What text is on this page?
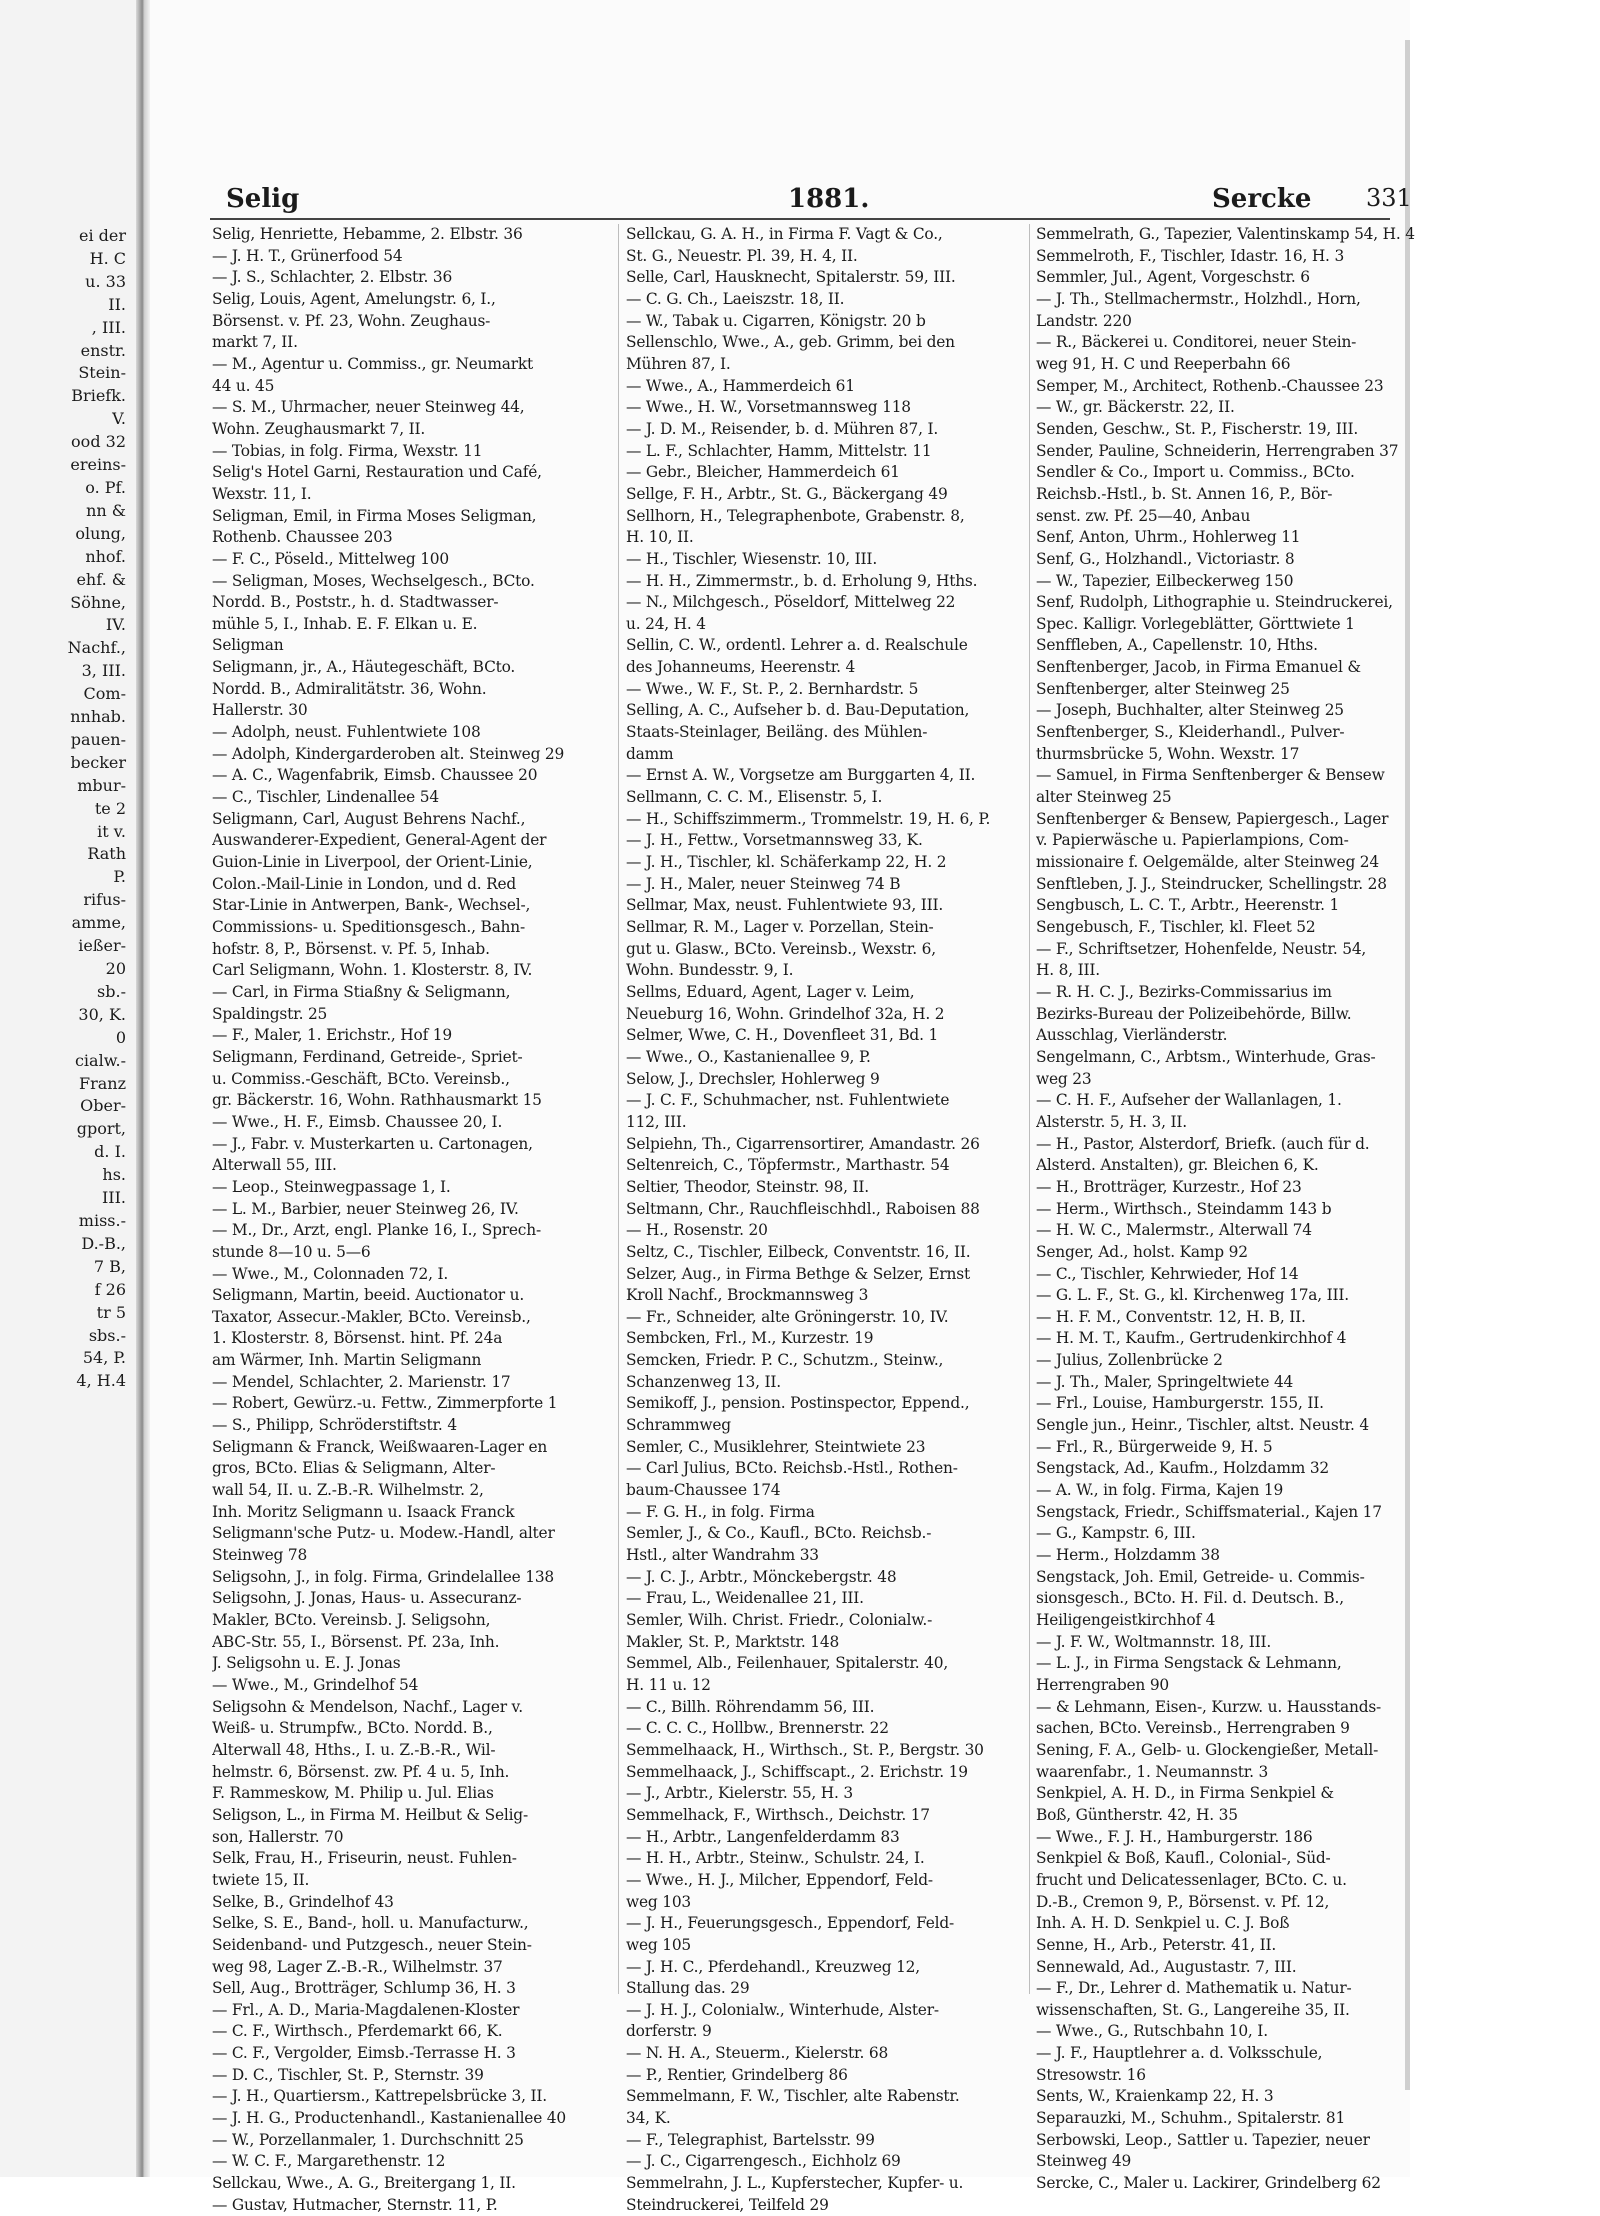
ei der
H. C
u. 33
II.
, III.
enstr.
Stein-
Briefk.
V.
ood 32
ereins-
o. Pf.
nn &
olung,
nhof.
ehf. &
Söhne,
IV.
Nachf.,
3, III.
Com-
nnhab.
pauen-
becker
mbur-
te 2
it v.
Rath
P.
rifus-
amme,
ießer-
20
sb.-
30, K.
0
cialw.-
Franz
Ober-
gport,
d. I.
hs.
III.
miss.-
D.-B.,
7 B,
f 26
tr 5
sbs.-
54, P.
4, H.4
Selig	1881.	Sercke 331
Selig, Henriette, Hebamme, 2. Elbstr. 36
— J. H. T., Grünerfood 54
— J. S., Schlachter, 2. Elbstr. 36
Selig, Louis, Agent, Amelungstr. 6, I.,
Börsenst. v. Pf. 23, Wohn. Zeughaus-
markt 7, II.
— M., Agentur u. Commiss., gr. Neumarkt
44 u. 45
— S. M., Uhrmacher, neuer Steinweg 44,
Wohn. Zeughausmarkt 7, II.
— Tobias, in folg. Firma, Wexstr. 11
Selig's Hotel Garni, Restauration und Café,
Wexstr. 11, I.
Seligman, Emil, in Firma Moses Seligman,
Rothenb. Chaussee 203
— F. C., Pöseld., Mittelweg 100
— Seligman, Moses, Wechselgesch., BCto.
Nordd. B., Poststr., h. d. Stadtwasser-
mühle 5, I., Inhab. E. F. Elkan u. E.
Seligman
Seligmann, jr., A., Häutegeschäft, BCto.
Nordd. B., Admiralitätstr. 36, Wohn.
Hallerstr. 30
— Adolph, neust. Fuhlentwiete 108
— Adolph, Kindergarderoben alt. Steinweg 29
— A. C., Wagenfabrik, Eimsb. Chaussee 20
— C., Tischler, Lindenallee 54
Seligmann, Carl, August Behrens Nachf.,
Auswanderer-Expedient, General-Agent der
Guion-Linie in Liverpool, der Orient-Linie,
Colon.-Mail-Linie in London, und d. Red
Star-Linie in Antwerpen, Bank-, Wechsel-,
Commissions- u. Speditionsgesch., Bahn-
hofstr. 8, P., Börsenst. v. Pf. 5, Inhab.
Carl Seligmann, Wohn. 1. Klosterstr. 8, IV.
— Carl, in Firma Stiaßny & Seligmann,
Spaldingstr. 25
— F., Maler, 1. Erichstr., Hof 19
Seligmann, Ferdinand, Getreide-, Spriet-
u. Commiss.-Geschäft, BCto. Vereinsb.,
gr. Bäckerstr. 16, Wohn. Rathhausmarkt 15
— Wwe., H. F., Eimsb. Chaussee 20, I.
— J., Fabr. v. Musterkarten u. Cartonagen,
Alterwall 55, III.
— Leop., Steinwegpassage 1, I.
— L. M., Barbier, neuer Steinweg 26, IV.
— M., Dr., Arzt, engl. Planke 16, I., Sprech-
stunde 8—10 u. 5—6
— Wwe., M., Colonnaden 72, I.
Seligmann, Martin, beeid. Auctionator u.
Taxator, Assecur.-Makler, BCto. Vereinsb.,
1. Klosterstr. 8, Börsenst. hint. Pf. 24a
am Wärmer, Inh. Martin Seligmann
— Mendel, Schlachter, 2. Marienstr. 17
— Robert, Gewürz.-u. Fettw., Zimmerpforte 1
— S., Philipp, Schröderstiftstr. 4
Seligmann & Franck, Weißwaaren-Lager en
gros, BCto. Elias & Seligmann, Alter-
wall 54, II. u. Z.-B.-R. Wilhelmstr. 2,
Inh. Moritz Seligmann u. Isaack Franck
Seligmann'sche Putz- u. Modew.-Handl, alter
Steinweg 78
Seligsohn, J., in folg. Firma, Grindelallee 138
Seligsohn, J. Jonas, Haus- u. Assecuranz-
Makler, BCto. Vereinsb. J. Seligsohn,
ABC-Str. 55, I., Börsenst. Pf. 23a, Inh.
J. Seligsohn u. E. J. Jonas
— Wwe., M., Grindelhof 54
Seligsohn & Mendelson, Nachf., Lager v.
Weiß- u. Strumpfw., BCto. Nordd. B.,
Alterwall 48, Hths., I. u. Z.-B.-R., Wil-
helmstr. 6, Börsenst. zw. Pf. 4 u. 5, Inh.
F. Rammeskow, M. Philip u. Jul. Elias
Seligson, L., in Firma M. Heilbut & Selig-
son, Hallerstr. 70
Selk, Frau, H., Friseurin, neust. Fuhlen-
twiete 15, II.
Selke, B., Grindelhof 43
Selke, S. E., Band-, holl. u. Manufacturw.,
Seidenband- und Putzgesch., neuer Stein-
weg 98, Lager Z.-B.-R., Wilhelmstr. 37
Sell, Aug., Brotträger, Schlump 36, H. 3
— Frl., A. D., Maria-Magdalenen-Kloster
— C. F., Wirthsch., Pferdemarkt 66, K.
— C. F., Vergolder, Eimsb.-Terrasse H. 3
— D. C., Tischler, St. P., Sternstr. 39
— J. H., Quartiersm., Kattrepelsbrücke 3, II.
— J. H. G., Productenhandl., Kastanienallee 40
— W., Porzellanmaler, 1. Durchschnitt 25
— W. C. F., Margarethenstr. 12
Sellckau, Wwe., A. G., Breitergang 1, II.
— Gustav, Hutmacher, Sternstr. 11, P.
Sellckau, G. A. H., in Firma F. Vagt & Co.,
St. G., Neuestr. Pl. 39, H. 4, II.
Selle, Carl, Hausknecht, Spitalerstr. 59, III.
— C. G. Ch., Laeiszstr. 18, II.
— W., Tabak u. Cigarren, Königstr. 20 b
Sellenschlo, Wwe., A., geb. Grimm, bei den
Mühren 87, I.
— Wwe., A., Hammerdeich 61
— Wwe., H. W., Vorsetmannsweg 118
— J. D. M., Reisender, b. d. Mühren 87, I.
— L. F., Schlachter, Hamm, Mittelstr. 11
— Gebr., Bleicher, Hammerdeich 61
Sellge, F. H., Arbtr., St. G., Bäckergang 49
Sellhorn, H., Telegraphenbote, Grabenstr. 8,
H. 10, II.
— H., Tischler, Wiesenstr. 10, III.
— H. H., Zimmermstr., b. d. Erholung 9, Hths.
— N., Milchgesch., Pöseldorf, Mittelweg 22
u. 24, H. 4
Sellin, C. W., ordentl. Lehrer a. d. Realschule
des Johanneums, Heerenstr. 4
— Wwe., W. F., St. P., 2. Bernhardstr. 5
Selling, A. C., Aufseher b. d. Bau-Deputation,
Staats-Steinlager, Beiläng. des Mühlen-
damm
— Ernst A. W., Vorgsetze am Burggarten 4, II.
Sellmann, C. C. M., Elisenstr. 5, I.
— H., Schiffszimmerm., Trommelstr. 19, H. 6, P.
— J. H., Fettw., Vorsetmannsweg 33, K.
— J. H., Tischler, kl. Schäferkamp 22, H. 2
— J. H., Maler, neuer Steinweg 74 B
Sellmar, Max, neust. Fuhlentwiete 93, III.
Sellmar, R. M., Lager v. Porzellan, Stein-
gut u. Glasw., BCto. Vereinsb., Wexstr. 6,
Wohn. Bundesstr. 9, I.
Sellms, Eduard, Agent, Lager v. Leim,
Neueburg 16, Wohn. Grindelhof 32a, H. 2
Selmer, Wwe, C. H., Dovenfleet 31, Bd. 1
— Wwe., O., Kastanienallee 9, P.
Selow, J., Drechsler, Hohlerweg 9
— J. C. F., Schuhmacher, nst. Fuhlentwiete
112, III.
Selpiehn, Th., Cigarrensortirer, Amandastr. 26
Seltenreich, C., Töpfermstr., Marthastr. 54
Seltier, Theodor, Steinstr. 98, II.
Seltmann, Chr., Rauchfleischhdl., Raboisen 88
— H., Rosenstr. 20
Seltz, C., Tischler, Eilbeck, Conventstr. 16, II.
Selzer, Aug., in Firma Bethge & Selzer, Ernst
Kroll Nachf., Brockmannsweg 3
— Fr., Schneider, alte Gröningerstr. 10, IV.
Sembcken, Frl., M., Kurzestr. 19
Semcken, Friedr. P. C., Schutzm., Steinw.,
Schanzenweg 13, II.
Semikoff, J., pension. Postinspector, Eppend.,
Schrammweg
Semler, C., Musiklehrer, Steintwiete 23
— Carl Julius, BCto. Reichsb.-Hstl., Rothen-
baum-Chaussee 174
— F. G. H., in folg. Firma
Semler, J., & Co., Kaufl., BCto. Reichsb.-
Hstl., alter Wandrahm 33
— J. C. J., Arbtr., Mönckebergstr. 48
— Frau, L., Weidenallee 21, III.
Semler, Wilh. Christ. Friedr., Colonialw.-
Makler, St. P., Marktstr. 148
Semmel, Alb., Feilenhauer, Spitalerstr. 40,
H. 11 u. 12
— C., Billh. Röhrendamm 56, III.
— C. C. C., Hollbw., Brennerstr. 22
Semmelhaack, H., Wirthsch., St. P., Bergstr. 30
Semmelhaack, J., Schiffscapt., 2. Erichstr. 19
— J., Arbtr., Kielerstr. 55, H. 3
Semmelhack, F., Wirthsch., Deichstr. 17
— H., Arbtr., Langenfelderdamm 83
— H. H., Arbtr., Steinw., Schulstr. 24, I.
— Wwe., H. J., Milcher, Eppendorf, Feld-
weg 103
— J. H., Feuerungsgesch., Eppendorf, Feld-
weg 105
— J. H. C., Pferdehandl., Kreuzweg 12,
Stallung das. 29
— J. H. J., Colonialw., Winterhude, Alster-
dorferstr. 9
— N. H. A., Steuerm., Kielerstr. 68
— P., Rentier, Grindelberg 86
Semmelmann, F. W., Tischler, alte Rabenstr.
34, K.
— F., Telegraphist, Bartelsstr. 99
— J. C., Cigarrengesch., Eichholz 69
Semmelrahn, J. L., Kupferstecher, Kupfer- u.
Steindruckerei, Teilfeld 29
Semmelrath, G., Tapezier, Valentinskamp 54, H. 4
Semmelroth, F., Tischler, Idastr. 16, H. 3
Semmler, Jul., Agent, Vorgeschstr. 6
— J. Th., Stellmachermstr., Holzhdl., Horn,
Landstr. 220
— R., Bäckerei u. Conditorei, neuer Stein-
weg 91, H. C und Reeperbahn 66
Semper, M., Architect, Rothenb.-Chaussee 23
— W., gr. Bäckerstr. 22, II.
Senden, Geschw., St. P., Fischerstr. 19, III.
Sender, Pauline, Schneiderin, Herrengraben 37
Sendler & Co., Import u. Commiss., BCto.
Reichsb.-Hstl., b. St. Annen 16, P., Bör-
senst. zw. Pf. 25—40, Anbau
Senf, Anton, Uhrm., Hohlerweg 11
Senf, G., Holzhandl., Victoriastr. 8
— W., Tapezier, Eilbeckerweg 150
Senf, Rudolph, Lithographie u. Steindruckerei,
Spec. Kalligr. Vorlegeblätter, Görttwiete 1
Senffleben, A., Capellenstr. 10, Hths.
Senftenberger, Jacob, in Firma Emanuel &
Senftenberger, alter Steinweg 25
— Joseph, Buchhalter, alter Steinweg 25
Senftenberger, S., Kleiderhandl., Pulver-
thurmsbrücke 5, Wohn. Wexstr. 17
— Samuel, in Firma Senftenberger & Bensew
alter Steinweg 25
Senftenberger & Bensew, Papiergesch., Lager
v. Papierwäsche u. Papierlampions, Com-
missionaire f. Oelgemälde, alter Steinweg 24
Senftleben, J. J., Steindrucker, Schellingstr. 28
Sengbusch, L. C. T., Arbtr., Heerenstr. 1
Sengebusch, F., Tischler, kl. Fleet 52
— F., Schriftsetzer, Hohenfelde, Neustr. 54,
H. 8, III.
— R. H. C. J., Bezirks-Commissarius im
Bezirks-Bureau der Polizeibehörde, Billw.
Ausschlag, Vierländerstr.
Sengelmann, C., Arbtsm., Winterhude, Gras-
weg 23
— C. H. F., Aufseher der Wallanlagen, 1.
Alsterstr. 5, H. 3, II.
— H., Pastor, Alsterdorf, Briefk. (auch für d.
Alsterd. Anstalten), gr. Bleichen 6, K.
— H., Brotträger, Kurzestr., Hof 23
— Herm., Wirthsch., Steindamm 143 b
— H. W. C., Malermstr., Alterwall 74
Senger, Ad., holst. Kamp 92
— C., Tischler, Kehrwieder, Hof 14
— G. L. F., St. G., kl. Kirchenweg 17a, III.
— H. F. M., Conventstr. 12, H. B, II.
— H. M. T., Kaufm., Gertrudenkirchhof 4
— Julius, Zollenbrücke 2
— J. Th., Maler, Springeltwiete 44
— Frl., Louise, Hamburgerstr. 155, II.
Sengle jun., Heinr., Tischler, altst. Neustr. 4
— Frl., R., Bürgerweide 9, H. 5
Sengstack, Ad., Kaufm., Holzdamm 32
— A. W., in folg. Firma, Kajen 19
Sengstack, Friedr., Schiffsmaterial., Kajen 17
— G., Kampstr. 6, III.
— Herm., Holzdamm 38
Sengstack, Joh. Emil, Getreide- u. Commis-
sionsgesch., BCto. H. Fil. d. Deutsch. B.,
Heiligengeistkirchhof 4
— J. F. W., Woltmannstr. 18, III.
— L. J., in Firma Sengstack & Lehmann,
Herrengraben 90
— & Lehmann, Eisen-, Kurzw. u. Hausstands-
sachen, BCto. Vereinsb., Herrengraben 9
Sening, F. A., Gelb- u. Glockengießer, Metall-
waarenfabr., 1. Neumannstr. 3
Senkpiel, A. H. D., in Firma Senkpiel &
Boß, Güntherstr. 42, H. 35
— Wwe., F. J. H., Hamburgerstr. 186
Senkpiel & Boß, Kaufl., Colonial-, Süd-
frucht und Delicatessenlager, BCto. C. u.
D.-B., Cremon 9, P., Börsenst. v. Pf. 12,
Inh. A. H. D. Senkpiel u. C. J. Boß
Senne, H., Arb., Peterstr. 41, II.
Sennewald, Ad., Augustastr. 7, III.
— F., Dr., Lehrer d. Mathematik u. Natur-
wissenschaften, St. G., Langereihe 35, II.
— Wwe., G., Rutschbahn 10, I.
— J. F., Hauptlehrer a. d. Volksschule,
Stresowstr. 16
Sents, W., Kraienkamp 22, H. 3
Separauzki, M., Schuhm., Spitalerstr. 81
Serbowski, Leop., Sattler u. Tapezier, neuer
Steinweg 49
Sercke, C., Maler u. Lackirer, Grindelberg 62
